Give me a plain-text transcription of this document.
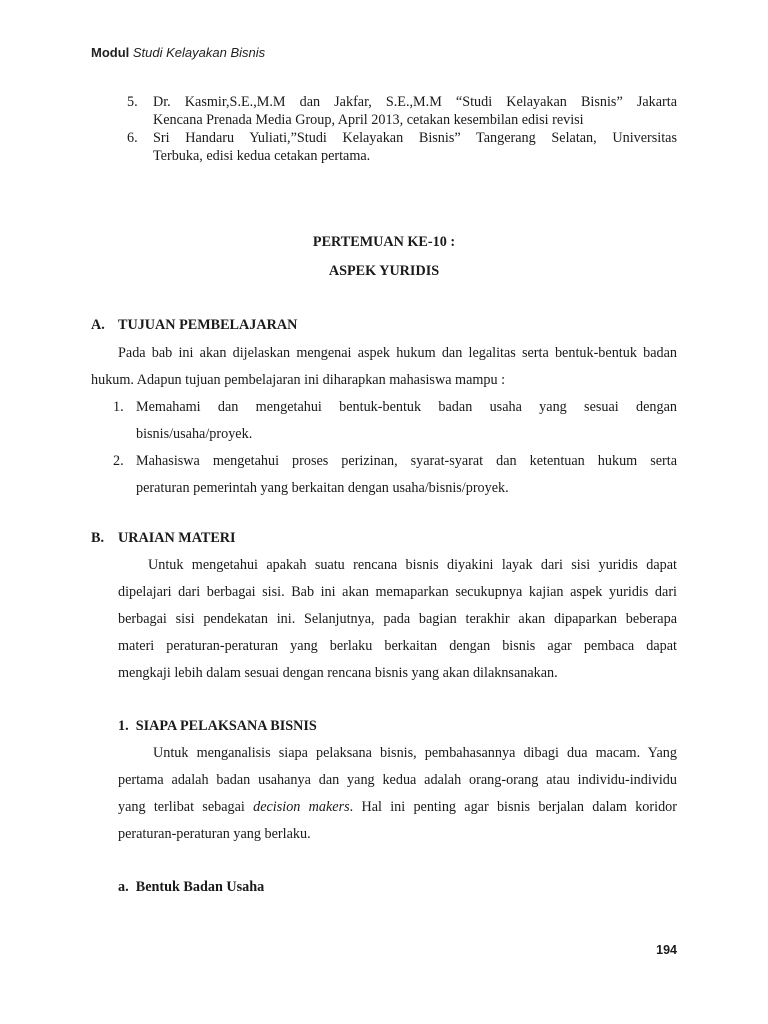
Modul Studi Kelayakan Bisnis
5. Dr. Kasmir,S.E.,M.M dan Jakfar, S.E.,M.M “Studi Kelayakan Bisnis” Jakarta
Kencana Prenada Media Group, April 2013, cetakan kesembilan edisi revisi
6. Sri Handaru Yuliati,”Studi Kelayakan Bisnis” Tangerang Selatan, Universitas
Terbuka, edisi kedua cetakan pertama.
PERTEMUAN KE-10 :
ASPEK YURIDIS
A. TUJUAN PEMBELAJARAN
Pada bab ini akan dijelaskan mengenai aspek hukum dan legalitas serta bentuk-bentuk badan
hukum. Adapun tujuan pembelajaran ini diharapkan mahasiswa mampu :
1. Memahami dan mengetahui bentuk-bentuk badan usaha yang sesuai dengan
bisnis/usaha/proyek.
2. Mahasiswa mengetahui proses perizinan, syarat-syarat dan ketentuan hukum serta
peraturan pemerintah yang berkaitan dengan usaha/bisnis/proyek.
B. URAIAN MATERI
Untuk mengetahui apakah suatu rencana bisnis diyakini layak dari sisi yuridis dapat
dipelajari dari berbagai sisi. Bab ini akan memaparkan secukupnya kajian aspek yuridis dari
berbagai sisi pendekatan ini. Selanjutnya, pada bagian terakhir akan dipaparkan beberapa
materi peraturan-peraturan yang berlaku berkaitan dengan bisnis agar pembaca dapat
mengkaji lebih dalam sesuai dengan rencana bisnis yang akan dilaknsanakan.
1.  SIAPA PELAKSANA BISNIS
Untuk menganalisis siapa pelaksana bisnis, pembahasannya dibagi dua macam. Yang
pertama adalah badan usahanya dan yang kedua adalah orang-orang atau individu-individu
yang terlibat sebagai decision makers. Hal ini penting agar bisnis berjalan dalam koridor
peraturan-peraturan yang berlaku.
a.  Bentuk Badan Usaha
194
